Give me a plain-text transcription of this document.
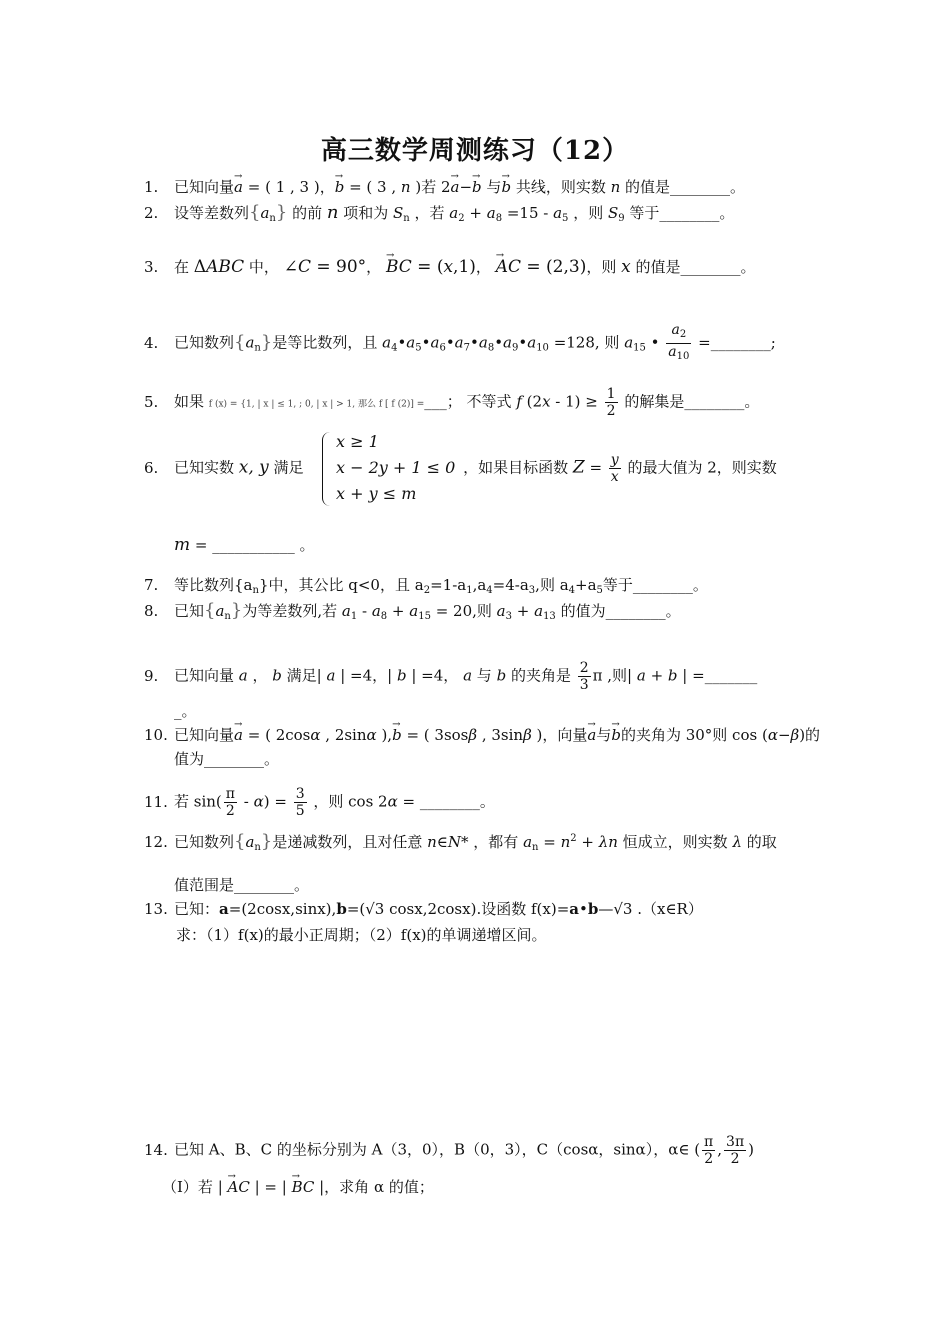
高三数学周测练习（12）
1. 已知向量→ a = ( 1 , 3 )，→ b = ( 3 , n )若 2→ a−→ b 与→ b 共线，则实数 n 的值是________。
2. 设等差数列$\{a_n\}$ 的前 n 项和为 $S_n$ ，若 $a_2 + a_8 =15 - a_5$ ，则 $S_9$ 等于________。
3. 在 ΔABC 中， ∠C = 90°， → BC = (x,1)， → AC = (2,3)，则 x 的值是________。
4. 已知数列$\{a_n\}$是等比数列，且 $a_4•a_5•a_6•a_7•a_8•a_9•a_{10} =128$, 则 $a_{15}$ • $\frac{a_2}{a_{10}}$ =________;
5. 如果 f (x) = {1, | x | ≤ 1, ; 0, | x | > 1, 那么 f [ f (2)] =___； 不等式 f $(2x - 1) \ge \frac{1}{2}$ 的解集是________。
6. 已知实数 x, y 满足	，如果目标函数 $Z = \frac{y}{x}$ 的最大值为 2，则实数
x ≥ 1
x − 2y + 1 ≤ 0
x + y ≤ m
m = ___________ 。
7. 等比数列$\{a_n\}$中，其公比 q<0，且 $a_2=1-a_1,a_4=4-a_3$,则 $a_4+a_5$等于________。
8. 已知$\{a_n\}$为等差数列,若 $a_1 - a_8 + a_{15} = 20$,则 $a_3 + a_{13}$ 的值为________。
9. 已知向量 a ， b 满足| a | =4，| b | =4， a 与 b 的夹角是 $\frac{2}{3}$ π ,则| a + b | =_______
_。
10. 已知向量→ a = ( 2cosα , 2sinα ),→ b = ( 3sosβ , 3sinβ )，向量→ a与→ b的夹角为 30°则 cos (α−β)的
值为________。
11. 若 $\sin( \frac{\pi}{2} - \alpha) = \frac{3}{5}$ ，则 cos 2α = ________。
12. 已知数列$\{a_n\}$是递减数列，且对任意 n∈N* ，都有 $a_n = n^2 + \lambda n$ 恒成立，则实数 λ 的取
值范围是________。
13. 已知：a=(2cosx,sinx),b=(√3 cosx,2cosx).设函数 f(x)=a•b—√3 .（x∈R）
求：（1）f(x)的最小正周期；（2）f(x)的单调递增区间。
14. 已知 A、B、C 的坐标分别为 A（3，0），B（0，3），C（cosα，sinα），α∈ ( $\frac{\pi}{2}$ , $\frac{3\pi}{2}$ )
（Ⅰ）若 | → AC | = | → BC |，求角 α 的值；
